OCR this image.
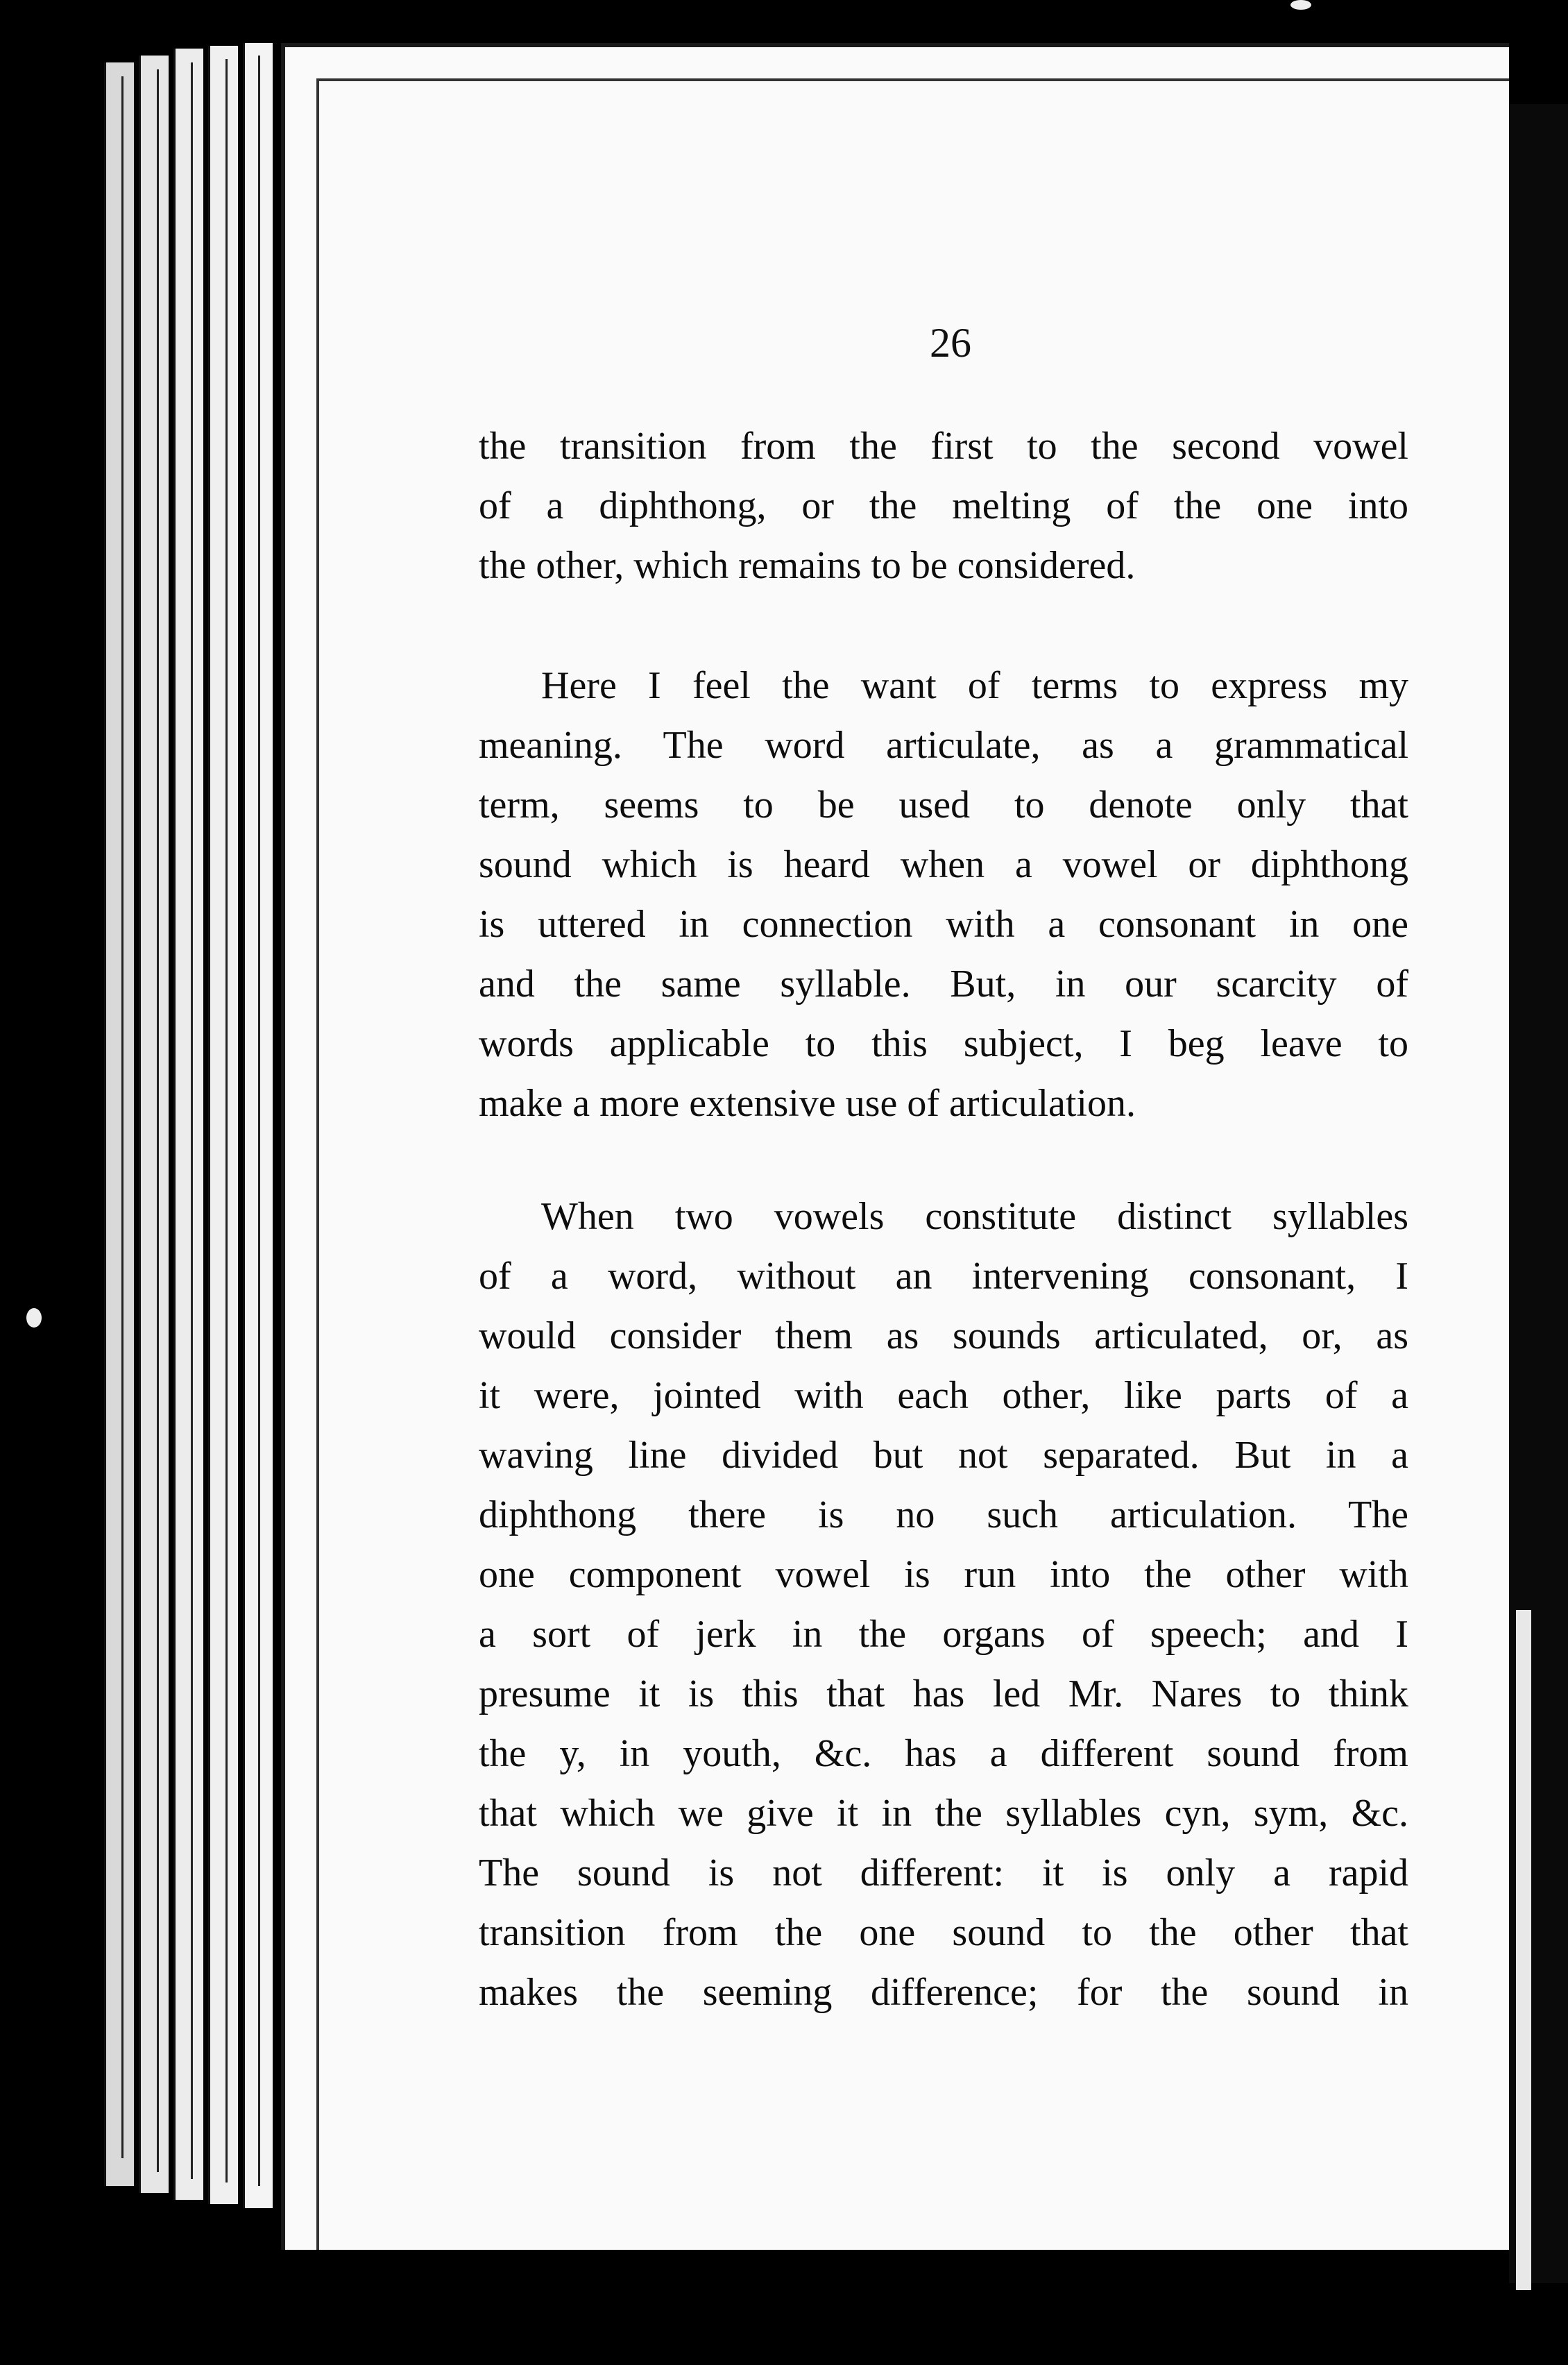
26
the transition from the first to the second vowel
of a diphthong, or the melting of the one into
the other, which remains to be considered.
Here I feel the want of terms to express my
meaning. The word articulate, as a grammatical
term, seems to be used to denote only that
sound which is heard when a vowel or diphthong
is uttered in connection with a consonant in one
and the same syllable. But, in our scarcity of
words applicable to this subject, I beg leave to
make a more extensive use of articulation.
When two vowels constitute distinct syllables
of a word, without an intervening consonant, I
would consider them as sounds articulated, or, as
it were, jointed with each other, like parts of a
waving line divided but not separated. But in a
diphthong there is no such articulation. The
one component vowel is run into the other with
a sort of jerk in the organs of speech; and I
presume it is this that has led Mr. Nares to think
the y, in youth, &c. has a different sound from
that which we give it in the syllables cyn, sym, &c.
The sound is not different: it is only a rapid
transition from the one sound to the other that
makes the seeming difference; for the sound in
